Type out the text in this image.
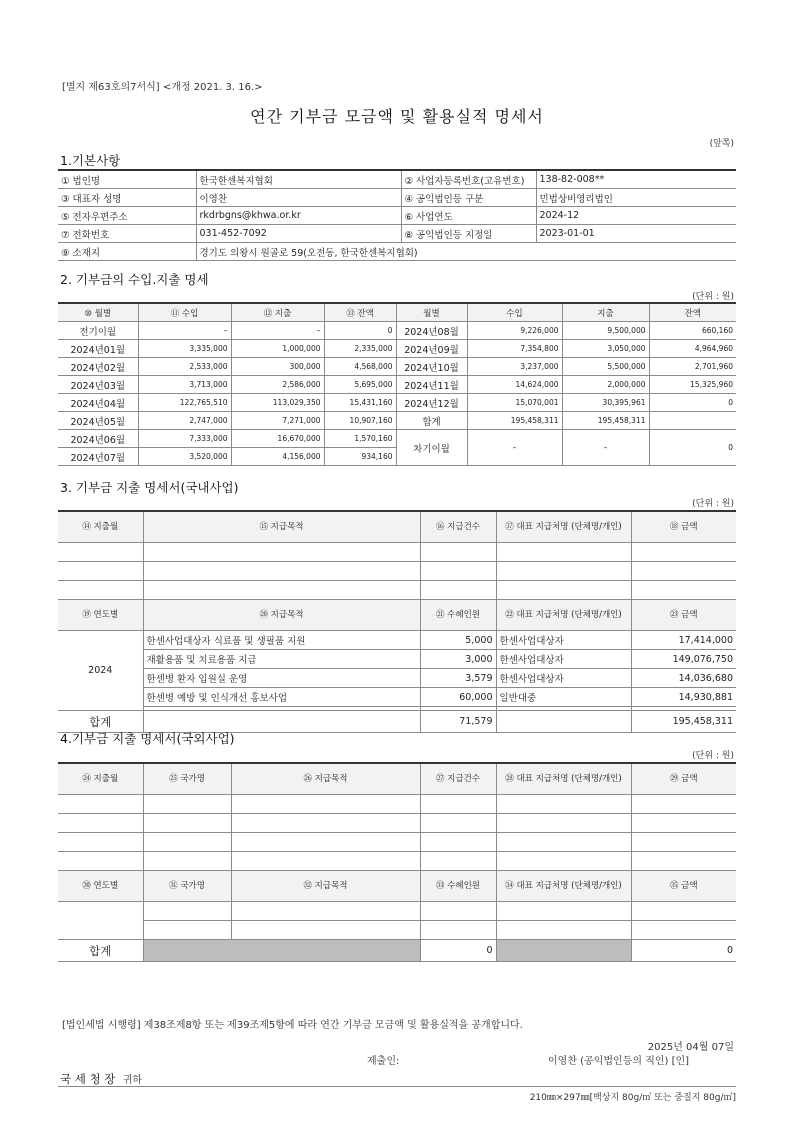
[별지 제63호의7서식] <개정 2021. 3. 16.>
연간 기부금 모금액 및 활용실적 명세서
(앞쪽)
1.기본사항
① 법인명	한국한센복지협회	② 사업자등록번호(고유번호)	138-82-008**
③ 대표자 성명	이영찬	④ 공익법인등 구분	민법상비영리법인
⑤ 전자우편주소	rkdrbgns@khwa.or.kr	⑥ 사업연도	2024-12
⑦ 전화번호	031-452-7092	⑧ 공익법인등 지정일	2023-01-01
⑨ 소재지	경기도 의왕시 원골로 59(오전동, 한국한센복지협회)		
2. 기부금의 수입.지출 명세
(단위 : 원)
⑩ 월별	⑪ 수입	⑫ 지출	⑬ 잔액	월별	수입	지출	잔액
전기이월	–	–	0	2024년08월	9,226,000	9,500,000	660,160
2024년01월	3,335,000	1,000,000	2,335,000	2024년09월	7,354,800	3,050,000	4,964,960
2024년02월	2,533,000	300,000	4,568,000	2024년10월	3,237,000	5,500,000	2,701,960
2024년03월	3,713,000	2,586,000	5,695,000	2024년11월	14,624,000	2,000,000	15,325,960
2024년04월	122,765,510	113,029,350	15,431,160	2024년12월	15,070,001	30,395,961	0
2024년05월	2,747,000	7,271,000	10,907,160	합계	195,458,311	195,458,311	
2024년06월	7,333,000	16,670,000	1,570,160	차기이월	–	–	0
2024년07월	3,520,000	4,156,000	934,160				
3. 기부금 지출 명세서(국내사업)
(단위 : 원)
⑭ 지출월	⑮ 지급목적	⑯ 지급건수	⑰ 대표 지급처명 (단체명/개인)	⑱ 금액

⑲ 연도별	⑳ 지급목적	㉑ 수혜인원	㉒ 대표 지급처명 (단체명/개인)	㉓ 금액
2024	한센사업대상자 식료품 및 생필품 지원	5,000	한센사업대상자	17,414,000
	재활용품 및 치료용품 지급	3,000	한센사업대상자	149,076,750
	한센병 환자 입원실 운영	3,579	한센사업대상자	14,036,680
	한센병 예방 및 인식개선 홍보사업	60,000	일반대중	14,930,881

합계		71,579		195,458,311
4.기부금 지출 명세서(국외사업)
(단위 : 원)
㉔ 지출월	㉕ 국가명	㉖ 지급목적	㉗ 지급건수	㉘ 대표 지급처명 (단체명/개인)	㉙ 금액

㉚ 연도별	㉛ 국가명	㉜ 지급목적	㉝ 수혜인원	㉞ 대표 지급처명 (단체명/개인)	㉟ 금액

합계			0		0
[법인세법 시행령] 제38조제8항 또는 제39조제5항에 따라 연간 기부금 모금액 및 활용실적을 공개합니다.
2025년 04월 07일
제출인:	이영찬 (공익법인등의 직인) [인]
국 세 청 장 귀하
210㎜×297㎜[백상지 80g/㎡ 또는 중질지 80g/㎡]
